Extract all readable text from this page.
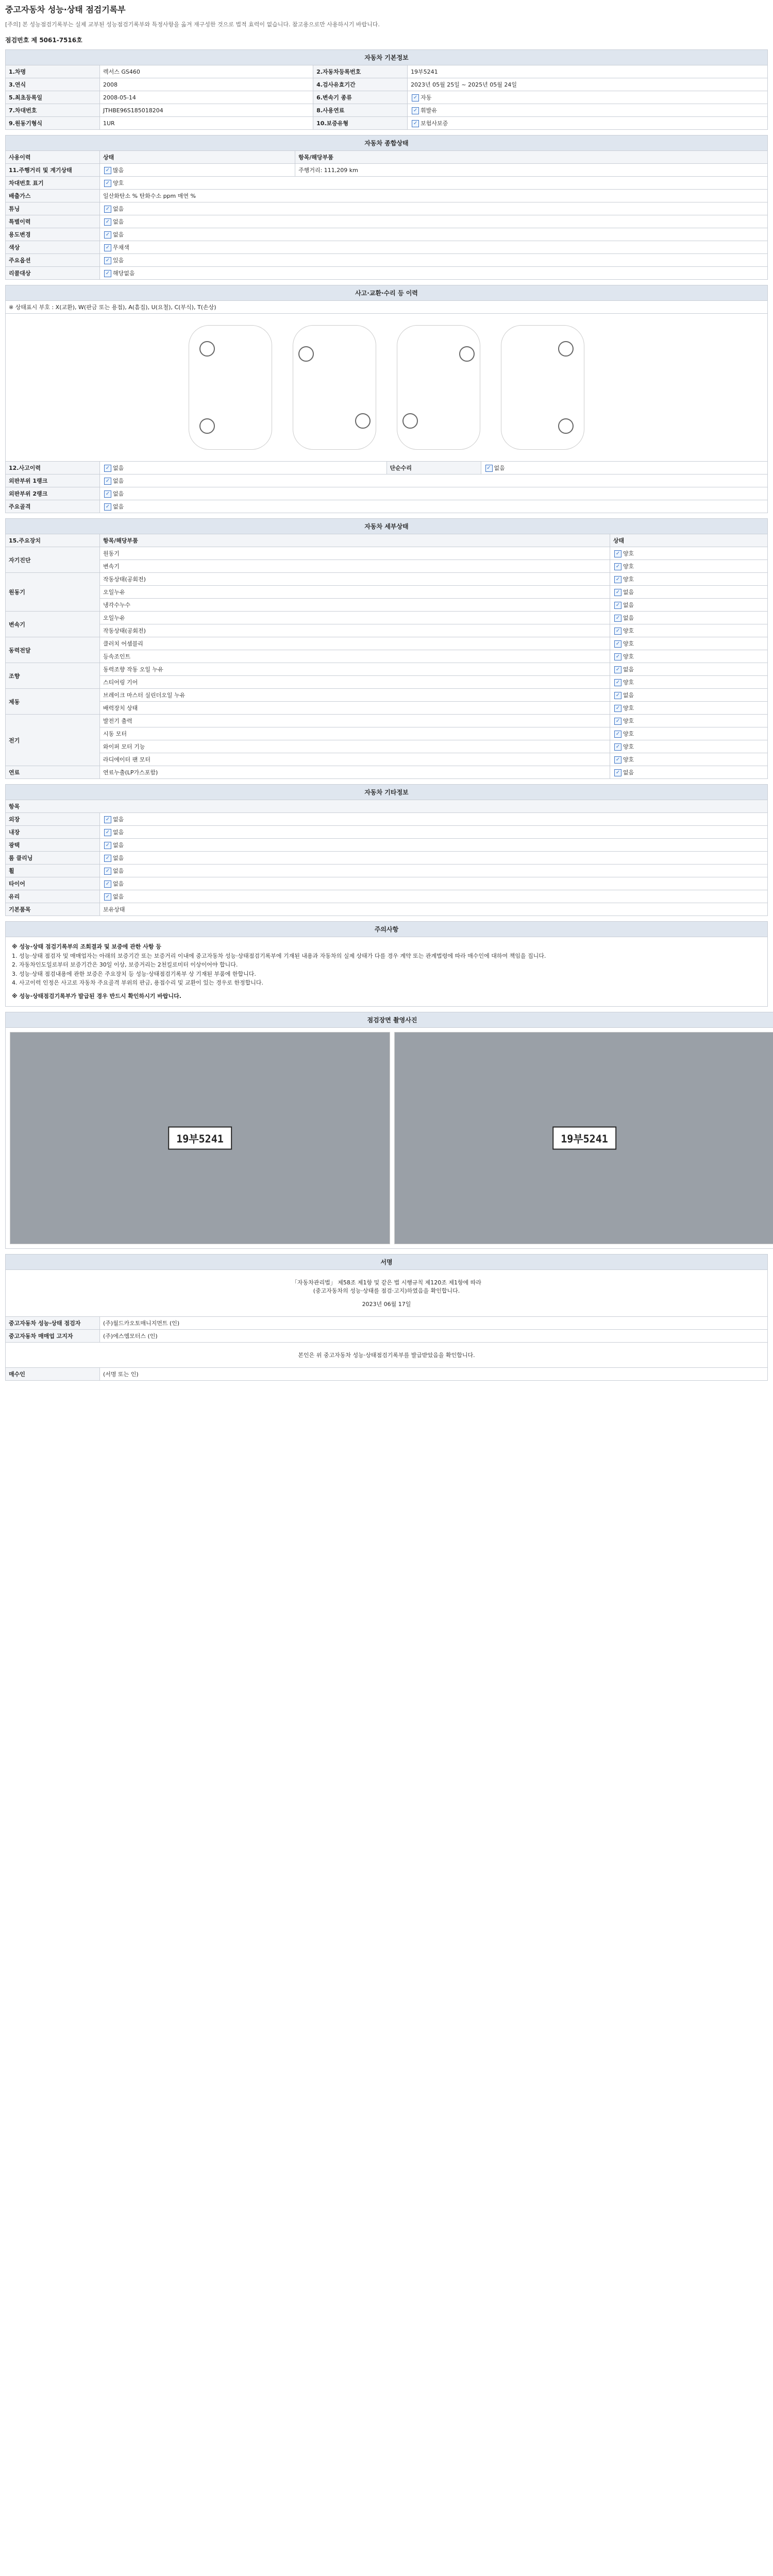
중고자동차 성능·상태 점검기록부
[주의] 본 성능점검기록부는 실제 교부된 성능점검기록부와 특정사항을 옮겨 재구성한 것으로 법적 효력이 없습니다. 참고용으로만 사용하시기 바랍니다.
점검번호 제 5061-7516호
자동차 기본정보			
1.차명	렉서스 GS460	2.자동차등록번호	19부5241
3.연식	2008	4.검사유효기간	2023년 05월 25일 ~ 2025년 05월 24일
5.최초등록일	2008-05-14	6.변속기 종류	✓ 자동
7.차대번호	JTHBE96S185018204	8.사용연료	✓ 휘발유
9.원동기형식	1UR	10.보증유형	✓ 보험사보증
자동차 종합상태		
사용이력	상태	항목/해당부품
11.주행거리 및 계기상태	✓ 많음	주행거리: 111,209 km
차대번호 표기	✓ 양호	
배출가스	일산화탄소 % 탄화수소 ppm 매연 %	
튜닝	✓ 없음	
특별이력	✓ 없음	
용도변경	✓ 없음	
색상	✓ 무채색	
주요옵션	✓ 있음	
리콜대상	✓ 해당없음	
사고·교환·수리 등 이력			
※ 상태표시 부호 : X(교환), W(판금 또는 용접), A(흠집), U(요철), C(부식), T(손상)			

12.사고이력	✓ 없음	단순수리	✓ 없음
외판부위 1랭크	✓ 없음		
외판부위 2랭크	✓ 없음		
주요골격	✓ 없음		
자동차 세부상태		
15.주요장치	항목/해당부품	상태
자기진단	원동기	✓ 양호
	변속기	✓ 양호
원동기	작동상태(공회전)	✓ 양호
	오일누유	✓ 없음
	냉각수누수	✓ 없음
변속기	오일누유	✓ 없음
	작동상태(공회전)	✓ 양호
동력전달	클러치 어셈블리	✓ 양호
	등속조인트	✓ 양호
조향	동력조향 작동 오일 누유	✓ 없음
	스티어링 기어	✓ 양호
제동	브레이크 마스터 실린더오일 누유	✓ 없음
	배력장치 상태	✓ 양호
전기	발전기 출력	✓ 양호
	시동 모터	✓ 양호
	와이퍼 모터 기능	✓ 양호
	라디에이터 팬 모터	✓ 양호
연료	연료누출(LP가스포함)	✓ 없음
자동차 기타정보	
항목	
외장	✓ 없음
내장	✓ 없음
광택	✓ 없음
룸 클리닝	✓ 없음
휠	✓ 없음
타이어	✓ 없음
유리	✓ 없음
기본품목	보유상태
주의사항

※ 성능·상태 점검기록부의 조회결과 및 보증에 관한 사항 등
1. 성능·상태 점검자 및 매매업자는 아래의 보증기간 또는 보증거리 이내에 중고자동차 성능·상태점검기록부에 기재된 내용과 자동차의 실제 상태가 다를 경우 계약 또는 관계법령에 따라 매수인에 대하여 책임을 집니다.
2. 자동차인도일로부터 보증기간은 30일 이상, 보증거리는 2천킬로미터 이상이어야 합니다.
3. 성능·상태 점검내용에 관한 보증은 주요장치 등 성능·상태점검기록부 상 기재된 부품에 한합니다.
4. 사고이력 인정은 사고로 자동차 주요골격 부위의 판금, 용접수리 및 교환이 있는 경우로 한정합니다.
※ 성능·상태점검기록부가 발급된 경우 반드시 확인하시기 바랍니다.
점검장면 촬영사진

19부5241	19부5241
서명	

「자동차관리법」 제58조 제1항 및 같은 법 시행규칙 제120조 제1항에 따라
(중고자동차의 성능·상태를 점검·고지)하였음을 확인합니다.
2023년 06월 17일	

중고자동차 성능·상태 점검자	(주)월드카오토매니지먼트 (인)
중고자동차 매매업 고지자	(주)에스엠모터스 (인)
본인은 위 중고자동차 성능·상태점검기록부를 발급받았음을 확인합니다.	
매수인	(서명 또는 인)
